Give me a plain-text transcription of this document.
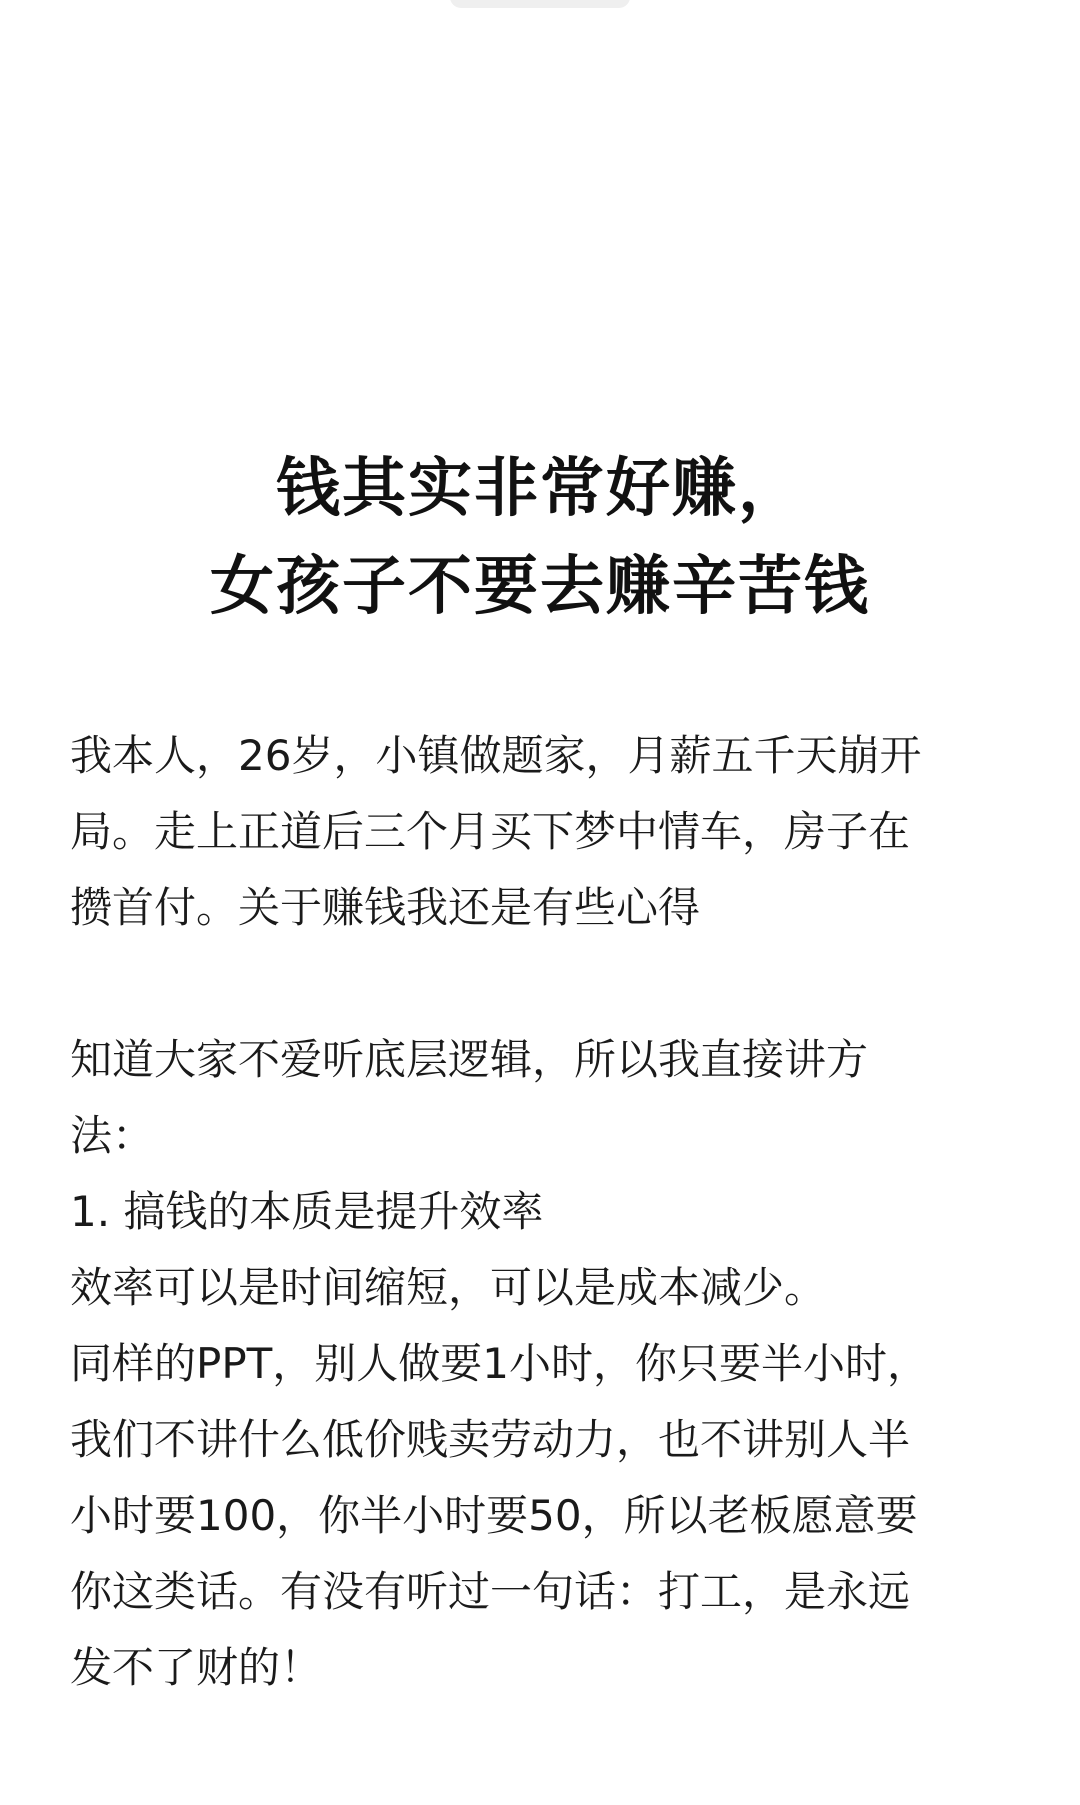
钱其实非常好赚，
女孩子不要去赚辛苦钱
我本人，26岁，小镇做题家，月薪五千天崩开
局。走上正道后三个月买下梦中情车，房子在
攒首付。关于赚钱我还是有些心得
知道大家不爱听底层逻辑，所以我直接讲方
法：
1. 搞钱的本质是提升效率
效率可以是时间缩短，可以是成本减少。
同样的PPT，别人做要1小时，你只要半小时，
我们不讲什么低价贱卖劳动力，也不讲别人半
小时要100，你半小时要50，所以老板愿意要
你这类话。有没有听过一句话：打工，是永远
发不了财的！
